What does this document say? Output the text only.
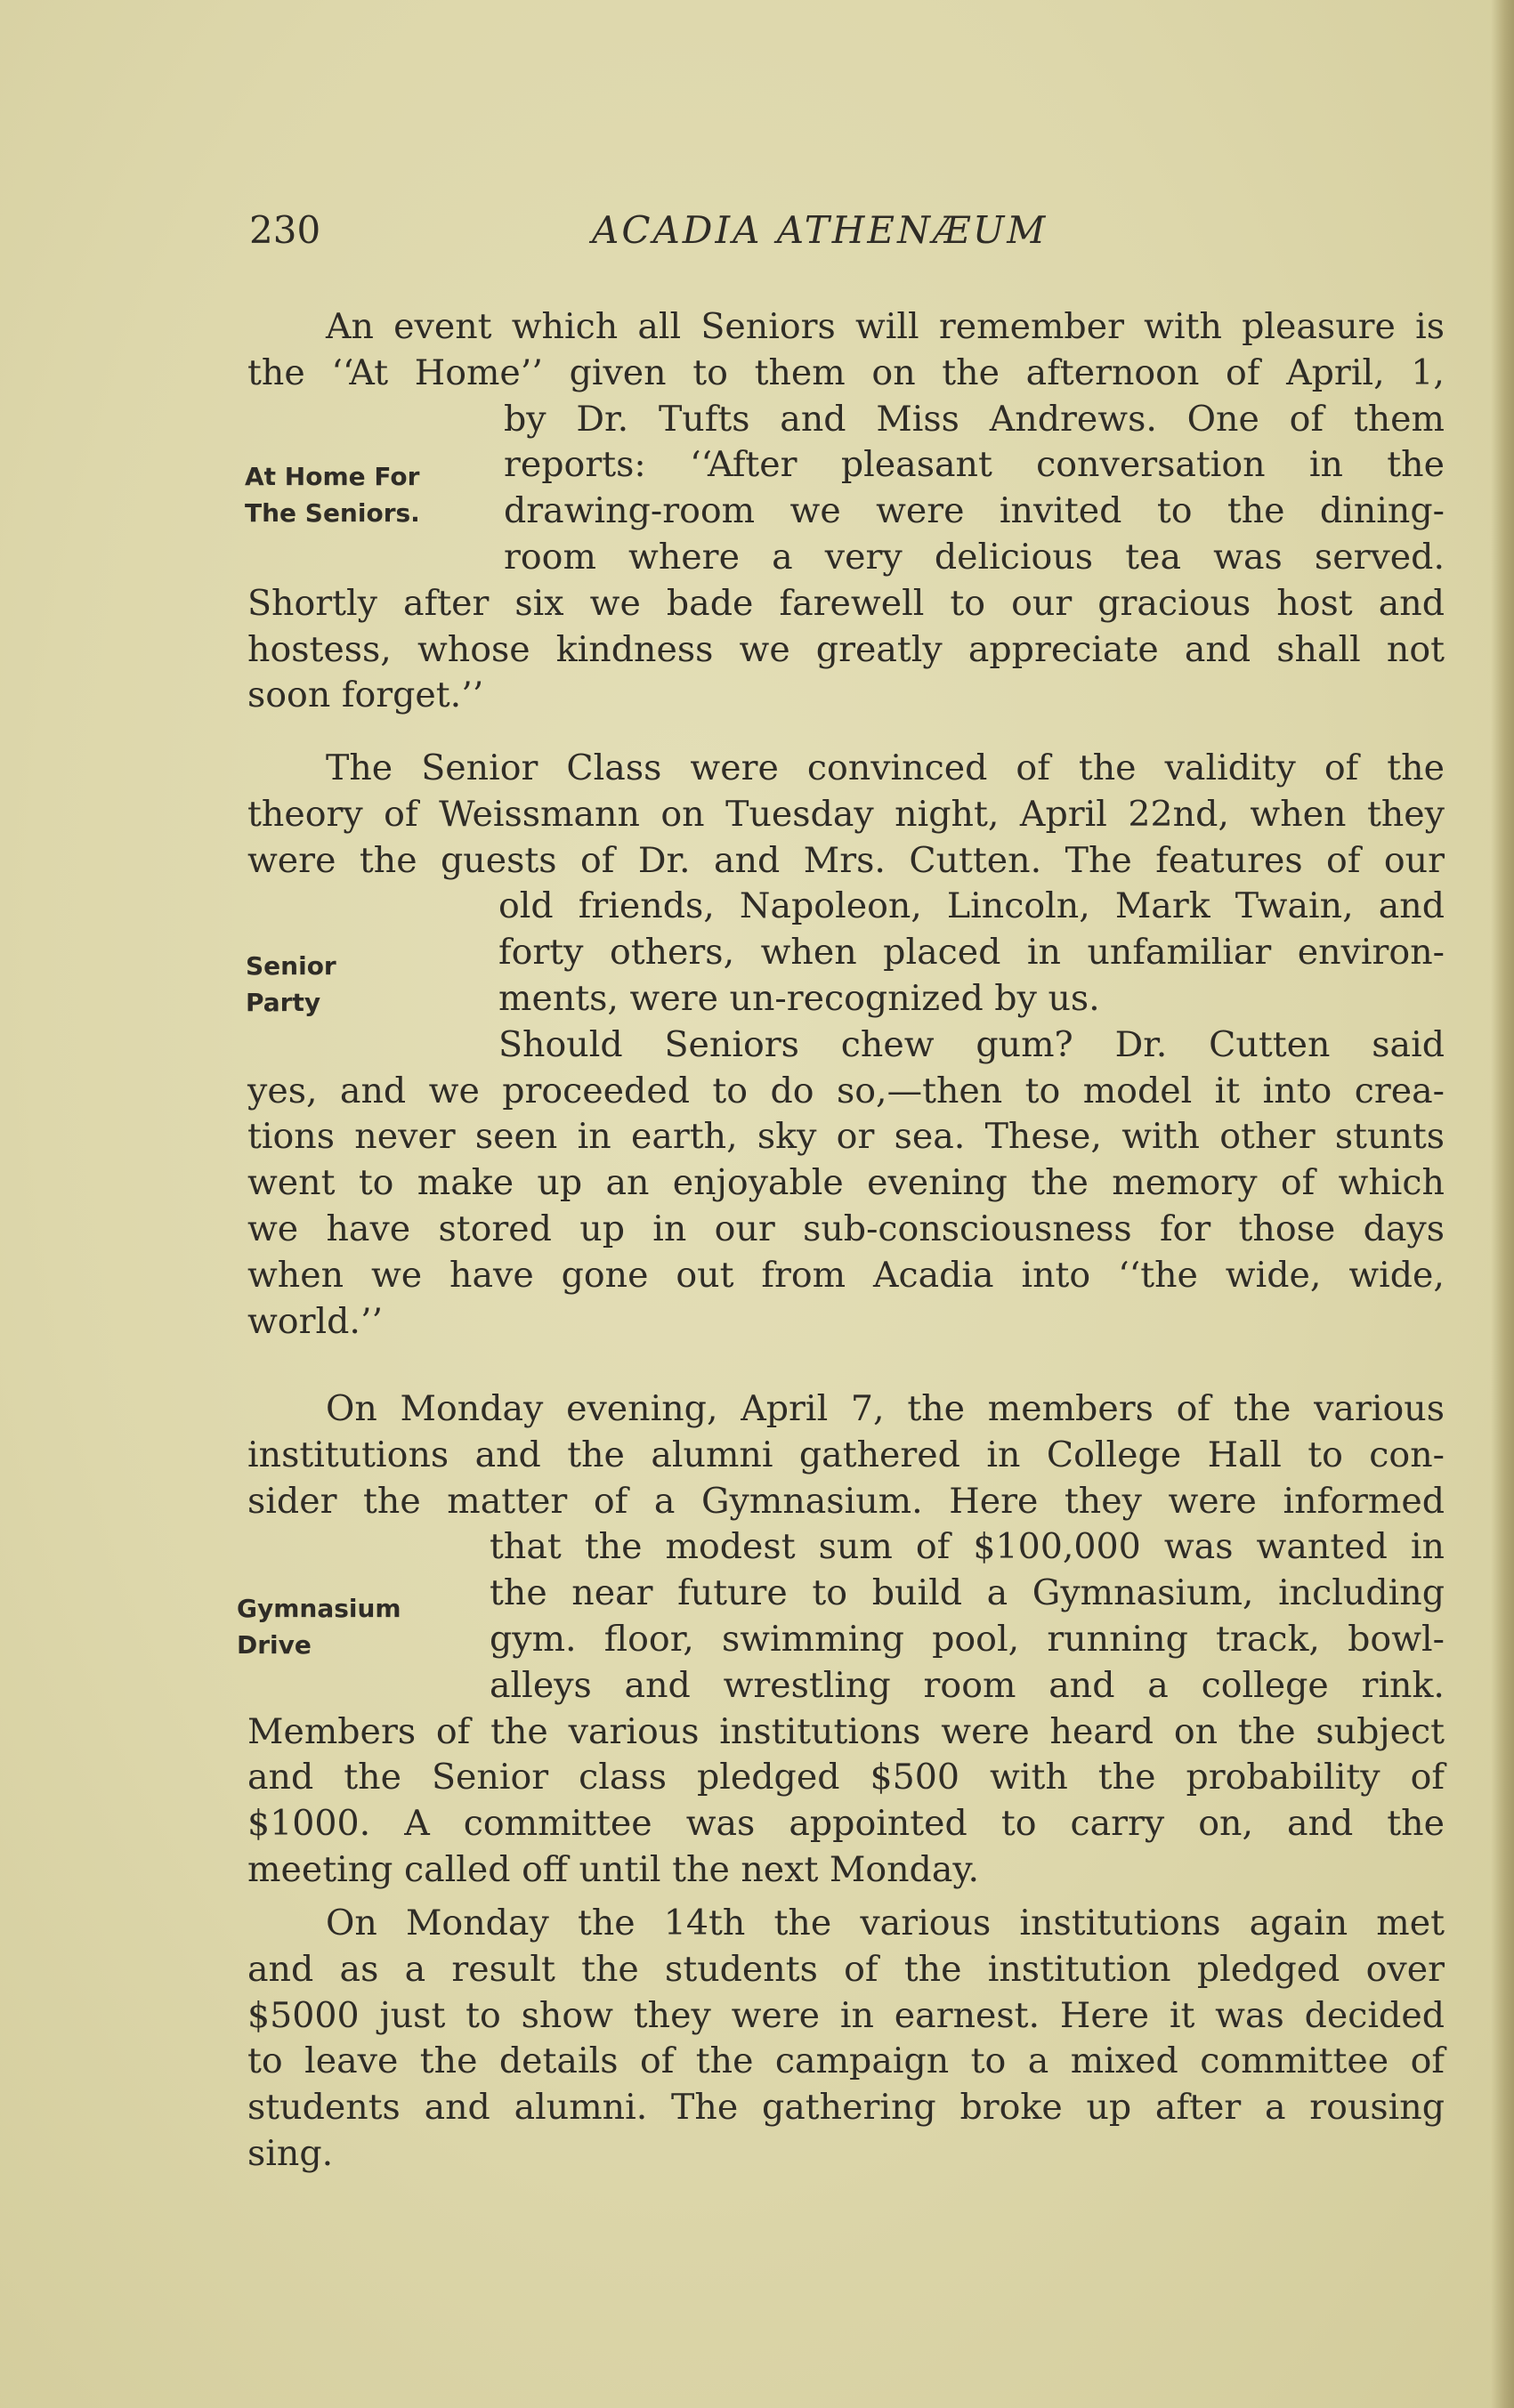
230	ACADIA ATHENÆUM
An event which all Seniors will remember with pleasure is
the ‘‘At Home’’ given to them on the afternoon of April, 1,
by Dr. Tufts and Miss Andrews. One of them
reports: ‘‘After pleasant conversation in the
drawing-room we were invited to the dining-
room where a very delicious tea was served.
Shortly after six we bade farewell to our gracious host and
hostess, whose kindness we greatly appreciate and shall not
soon forget.’’
At Home For
The Seniors.
The Senior Class were convinced of the validity of the
theory of Weissmann on Tuesday night, April 22nd, when they
were the guests of Dr. and Mrs. Cutten. The features of our
old friends, Napoleon, Lincoln, Mark Twain, and
forty others, when placed in unfamiliar environ-
ments, were un-recognized by us.
Should Seniors chew gum? Dr. Cutten said
yes, and we proceeded to do so,—then to model it into crea-
tions never seen in earth, sky or sea. These, with other stunts
went to make up an enjoyable evening the memory of which
we have stored up in our sub-consciousness for those days
when we have gone out from Acadia into ‘‘the wide, wide,
world.’’
Senior
Party
On Monday evening, April 7, the members of the various
institutions and the alumni gathered in College Hall to con-
sider the matter of a Gymnasium. Here they were informed
that the modest sum of $100,000 was wanted in
the near future to build a Gymnasium, including
gym. floor, swimming pool, running track, bowl-
alleys and wrestling room and a college rink.
Members of the various institutions were heard on the subject
and the Senior class pledged $500 with the probability of
$1000. A committee was appointed to carry on, and the
meeting called off until the next Monday.
Gymnasium
Drive
On Monday the 14th the various institutions again met
and as a result the students of the institution pledged over
$5000 just to show they were in earnest. Here it was decided
to leave the details of the campaign to a mixed committee of
students and alumni. The gathering broke up after a rousing
sing.
